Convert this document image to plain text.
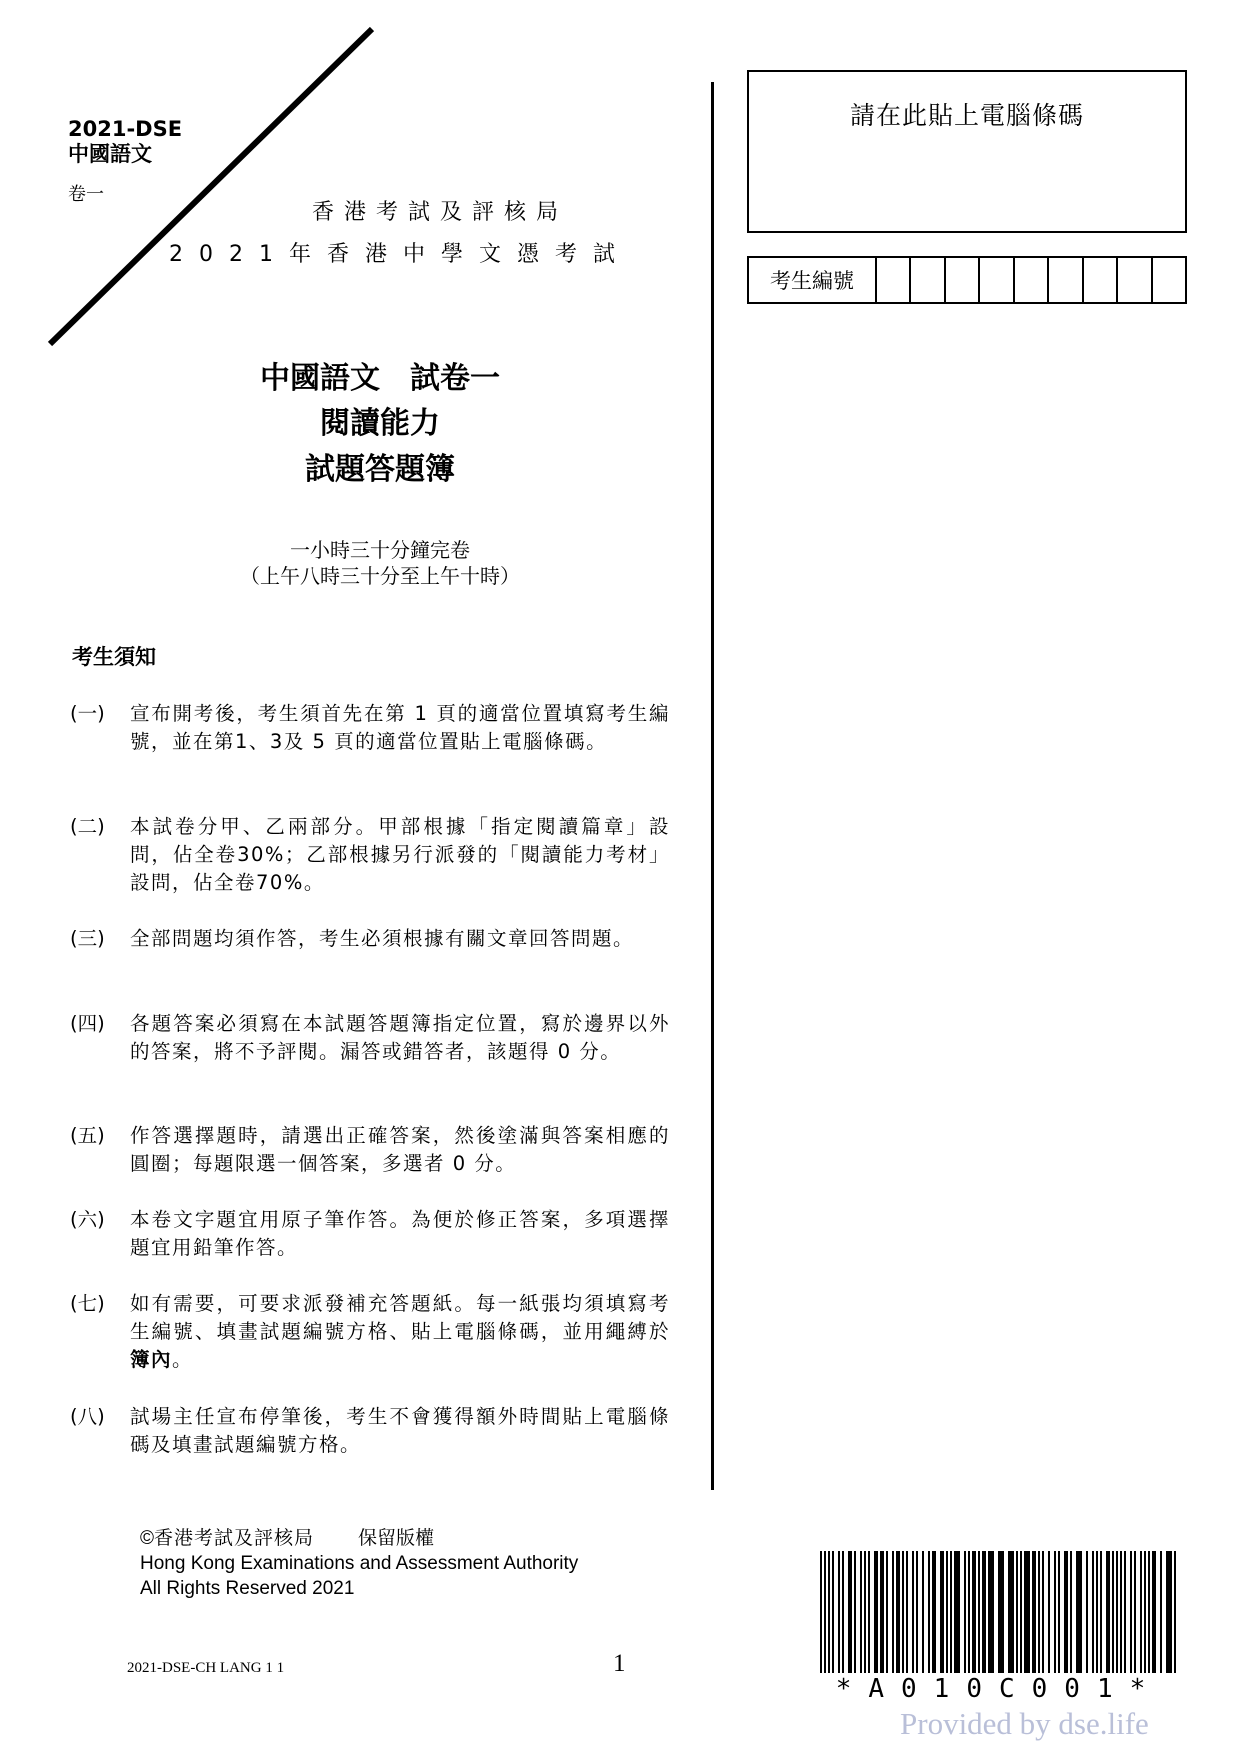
2021-DSE
中國語文
卷一
香港考試及評核局
2021年香港中學文憑考試
中國語文　試卷一
閱讀能力
試題答題簿
一小時三十分鐘完卷
（上午八時三十分至上午十時）
考生須知
(一)	宣布開考後，考生須首先在第 1 頁的適當位置填寫考生編號，並在第1、3及 5 頁的適當位置貼上電腦條碼。
(二)	本試卷分甲、乙兩部分。甲部根據「指定閱讀篇章」設問，佔全卷30%；乙部根據另行派發的「閱讀能力考材」設問，佔全卷70%。
(三)	全部問題均須作答，考生必須根據有關文章回答問題。
(四)	各題答案必須寫在本試題答題簿指定位置，寫於邊界以外的答案，將不予評閱。漏答或錯答者，該題得 0 分。
(五)	作答選擇題時，請選出正確答案，然後塗滿與答案相應的圓圈；每題限選一個答案，多選者 0 分。
(六)	本卷文字題宜用原子筆作答。為便於修正答案，多項選擇題宜用鉛筆作答。
(七)	如有需要，可要求派發補充答題紙。每一紙張均須填寫考生編號、填畫試題編號方格、貼上電腦條碼，並用繩縛於簿內。
(八)	試場主任宣布停筆後，考生不會獲得額外時間貼上電腦條碼及填畫試題編號方格。
請在此貼上電腦條碼
考生編號
©香港考試及評核局 保留版權
Hong Kong Examinations and Assessment Authority
All Rights Reserved 2021
2021-DSE-CH LANG 1 1	1
*A010C001*
Provided by dse.life
